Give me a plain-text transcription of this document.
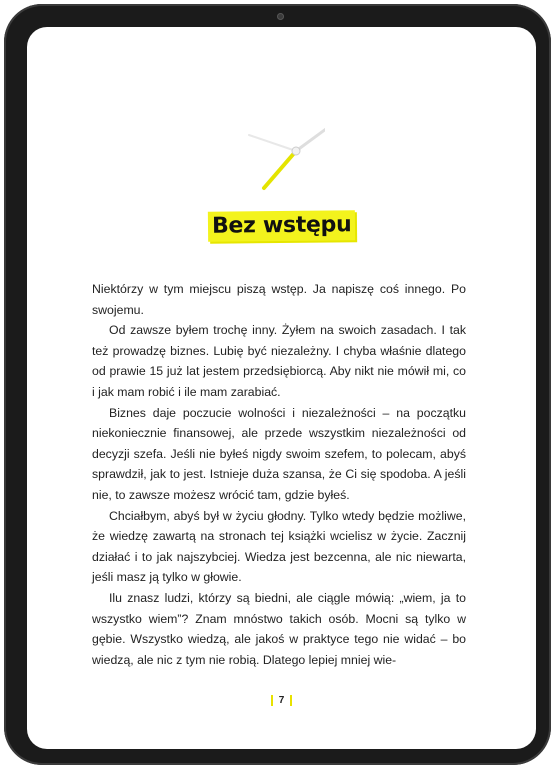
Bez wstępu

Niektórzy w tym miejscu piszą wstęp. Ja napiszę coś innego. Po swojemu.

Od zawsze byłem trochę inny. Żyłem na swoich zasadach. I tak też prowadzę biznes. Lubię być niezależny. I chyba właśnie dlatego od prawie 15 już lat jestem przedsiębiorcą. Aby nikt nie mówił mi, co i jak mam robić i ile mam zarabiać.

Biznes daje poczucie wolności i niezależności – na początku niekoniecznie finansowej, ale przede wszystkim niezależności od decyzji szefa. Jeśli nie byłeś nigdy swoim szefem, to polecam, abyś sprawdził, jak to jest. Istnieje duża szansa, że Ci się spodoba. A jeśli nie, to zawsze możesz wrócić tam, gdzie byłeś.

Chciałbym, abyś był w życiu głodny. Tylko wtedy będzie możliwe, że wiedzę zawartą na stronach tej książki wcielisz w życie. Zacznij działać i to jak najszybciej. Wiedza jest bezcenna, ale nic niewarta, jeśli masz ją tylko w głowie.

Ilu znasz ludzi, którzy są biedni, ale ciągle mówią: „wiem, ja to wszystko wiem”? Znam mnóstwo takich osób. Mocni są tylko w gębie. Wszystko wiedzą, ale jakoś w praktyce tego nie widać – bo wiedzą, ale nic z tym nie robią. Dlatego lepiej mniej wie-

7
